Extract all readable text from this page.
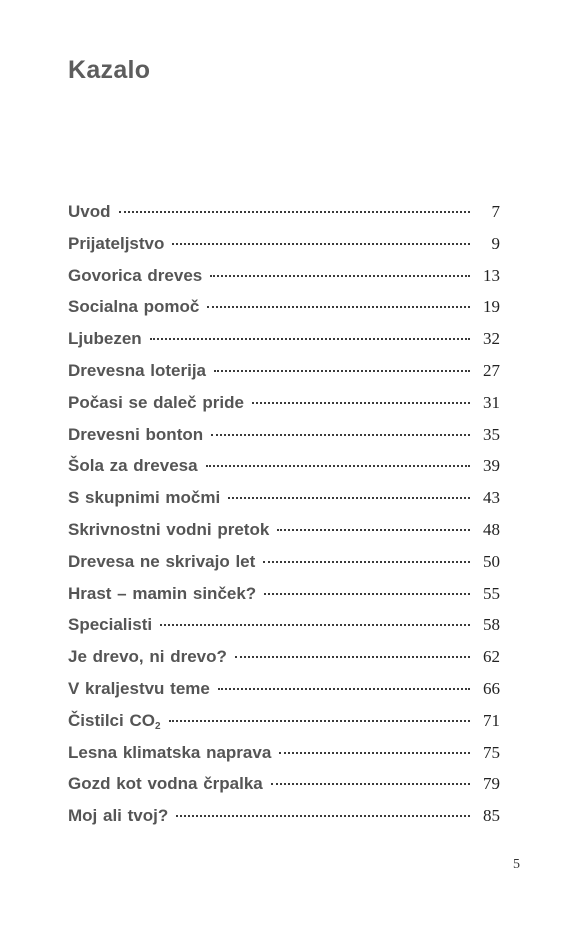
Kazalo
Uvod	7
Prijateljstvo	9
Govorica dreves	13
Socialna pomoč	19
Ljubezen	32
Drevesna loterija	27
Počasi se daleč pride	31
Drevesni bonton	35
Šola za drevesa	39
S skupnimi močmi	43
Skrivnostni vodni pretok	48
Drevesa ne skrivajo let	50
Hrast – mamin sinček?	55
Specialisti	58
Je drevo, ni drevo?	62
V kraljestvu teme	66
Čistilci $CO_2$	71
Lesna klimatska naprava	75
Gozd kot vodna črpalka	79
Moj ali tvoj?	85
5
